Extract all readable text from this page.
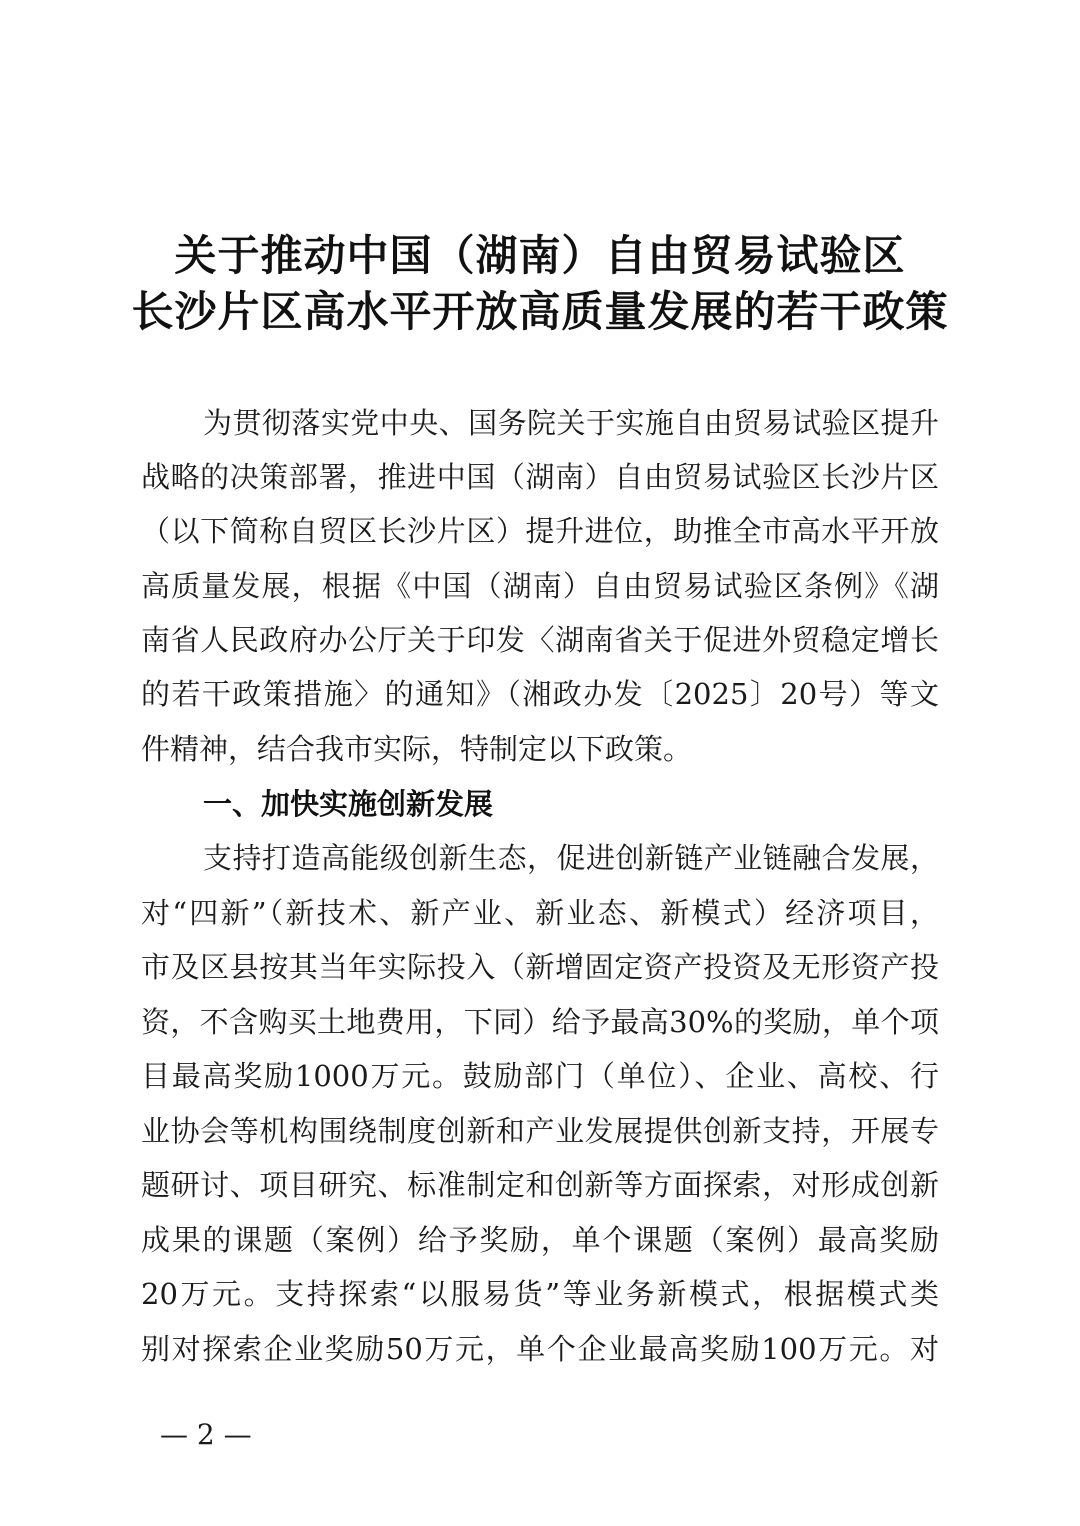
关于推动中国（湖南）自由贸易试验区
长沙片区高水平开放高质量发展的若干政策
为贯彻落实党中央、国务院关于实施自由贸易试验区提升
战略的决策部署，推进中国（湖南）自由贸易试验区长沙片区
（以下简称自贸区长沙片区）提升进位，助推全市高水平开放
高质量发展，根据《中国（湖南）自由贸易试验区条例》《湖
南省人民政府办公厅关于印发〈湖南省关于促进外贸稳定增长
的若干政策措施〉的通知》（湘政办发〔2025〕20号）等文
件精神，结合我市实际，特制定以下政策。
一、加快实施创新发展
支持打造高能级创新生态，促进创新链产业链融合发展，
对“四新”（新技术、新产业、新业态、新模式）经济项目，
市及区县按其当年实际投入（新增固定资产投资及无形资产投
资，不含购买土地费用，下同）给予最高30%的奖励，单个项
目最高奖励1000万元。鼓励部门（单位）、企业、高校、行
业协会等机构围绕制度创新和产业发展提供创新支持，开展专
题研讨、项目研究、标准制定和创新等方面探索，对形成创新
成果的课题（案例）给予奖励，单个课题（案例）最高奖励
20万元。支持探索“以服易货”等业务新模式，根据模式类
别对探索企业奖励50万元，单个企业最高奖励100万元。对
— 2 —
